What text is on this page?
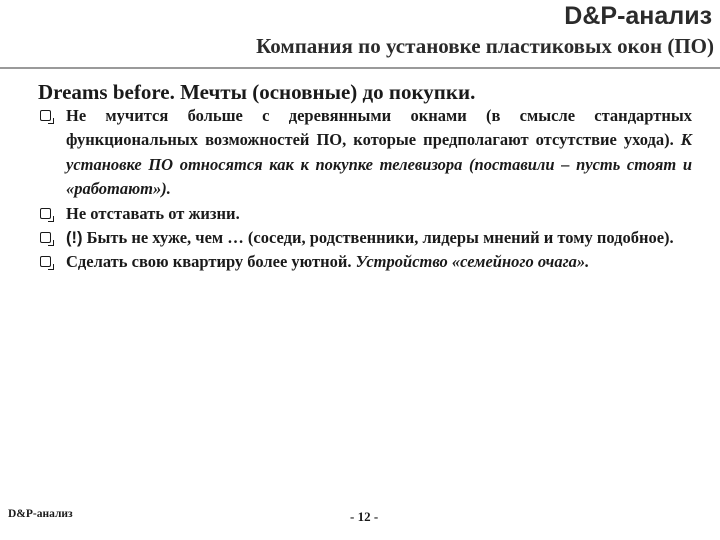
D&P-анализ
Компания по установке пластиковых окон (ПО)
Dreams before. Мечты (основные) до покупки.
Не мучится больше с деревянными окнами (в смысле стандартных функциональных возможностей ПО, которые предполагают отсутствие ухода). К установке ПО относятся как к покупке телевизора (поставили – пусть стоят и «работают»).
Не отставать от жизни.
(!) Быть не хуже, чем … (соседи, родственники, лидеры мнений и тому подобное).
Сделать свою квартиру более уютной. Устройство «семейного очага».

D&P-анализ	- 12 -
